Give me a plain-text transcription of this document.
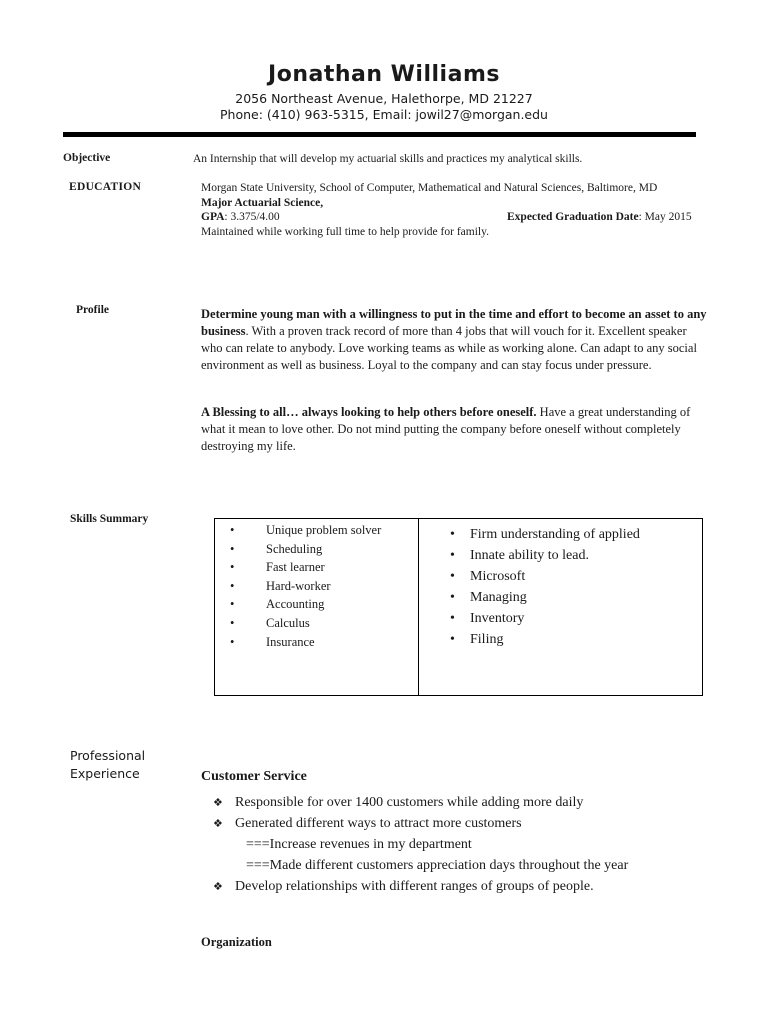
Jonathan Williams
2056 Northeast Avenue, Halethorpe, MD 21227
Phone: (410) 963-5315, Email: jowil27@morgan.edu
Objective	An Internship that will develop my actuarial skills and practices my analytical skills.
EDUCATION	Morgan State University, School of Computer, Mathematical and Natural Sciences, Baltimore, MD
Major Actuarial Science,
GPA: 3.375/4.00	Expected Graduation Date: May 2015
Maintained while working full time to help provide for family.
Profile	Determine young man with a willingness to put in the time and effort to become an asset to any business. With a proven track record of more than 4 jobs that will vouch for it. Excellent speaker who can relate to anybody. Love working teams as while as working alone. Can adapt to any social environment as well as business. Loyal to the company and can stay focus under pressure.
A Blessing to all… always looking to help others before oneself. Have a great understanding of what it mean to love other. Do not mind putting the company before oneself without completely destroying my life.
Skills Summary
• Unique problem solver
• Scheduling
• Fast learner
• Hard-worker
• Accounting
• Calculus
• Insurance
• Firm understanding of applied
• Innate ability to lead.
• Microsoft
• Managing
• Inventory
• Filing
Professional
Experience	Customer Service
❖ Responsible for over 1400 customers while adding more daily
❖ Generated different ways to attract more customers
===Increase revenues in my department
===Made different customers appreciation days throughout the year
❖ Develop relationships with different ranges of groups of people.
Organization
